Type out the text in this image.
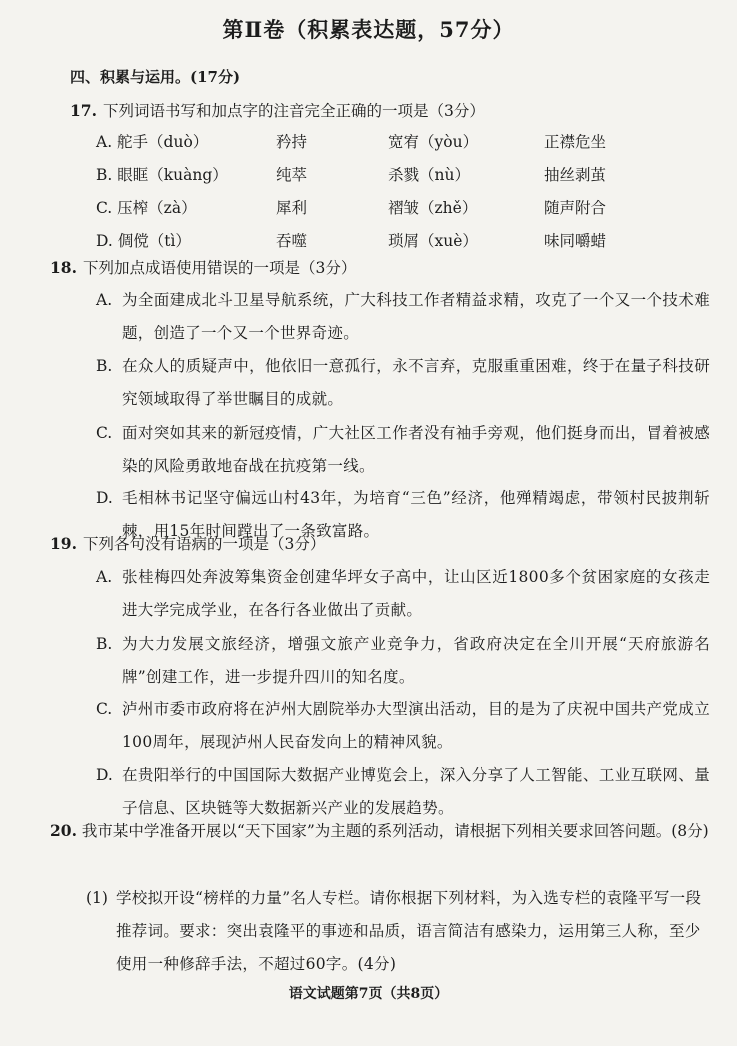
第Ⅱ卷（积累表达题，57分）
四、积累与运用。(17分)
17. 下列词语书写和加点字的注音完全正确的一项是（3分）
A. 舵手（duò）	矜持	宽宥（yòu）	正襟危坐
B. 眼眶（kuàng）	纯萃	杀戮（nù）	抽丝剥茧
C. 压榨（zà）	犀利	褶皱（zhě）	随声附合
D. 倜傥（tì）	吞噬	琐屑（xuè）	味同嚼蜡
18. 下列加点成语使用错误的一项是（3分）
A. 为全面建成北斗卫星导航系统，广大科技工作者精益求精，攻克了一个又一个技术难题，创造了一个又一个世界奇迹。
B. 在众人的质疑声中，他依旧一意孤行，永不言弃，克服重重困难，终于在量子科技研究领域取得了举世瞩目的成就。
C. 面对突如其来的新冠疫情，广大社区工作者没有袖手旁观，他们挺身而出，冒着被感染的风险勇敢地奋战在抗疫第一线。
D. 毛相林书记坚守偏远山村43年，为培育“三色”经济，他殚精竭虑，带领村民披荆斩棘，用15年时间蹚出了一条致富路。
19. 下列各句没有语病的一项是（3分）
A. 张桂梅四处奔波筹集资金创建华坪女子高中，让山区近1800多个贫困家庭的女孩走进大学完成学业，在各行各业做出了贡献。
B. 为大力发展文旅经济，增强文旅产业竞争力，省政府决定在全川开展“天府旅游名牌”创建工作，进一步提升四川的知名度。
C. 泸州市委市政府将在泸州大剧院举办大型演出活动，目的是为了庆祝中国共产党成立100周年，展现泸州人民奋发向上的精神风貌。
D. 在贵阳举行的中国国际大数据产业博览会上，深入分享了人工智能、工业互联网、量子信息、区块链等大数据新兴产业的发展趋势。
20. 我市某中学准备开展以“天下国家”为主题的系列活动，请根据下列相关要求回答问题。(8分)
(1) 学校拟开设“榜样的力量”名人专栏。请你根据下列材料，为入选专栏的袁隆平写一段推荐词。要求：突出袁隆平的事迹和品质，语言简洁有感染力，运用第三人称，至少使用一种修辞手法，不超过60字。(4分)
语文试题第7页（共8页）
